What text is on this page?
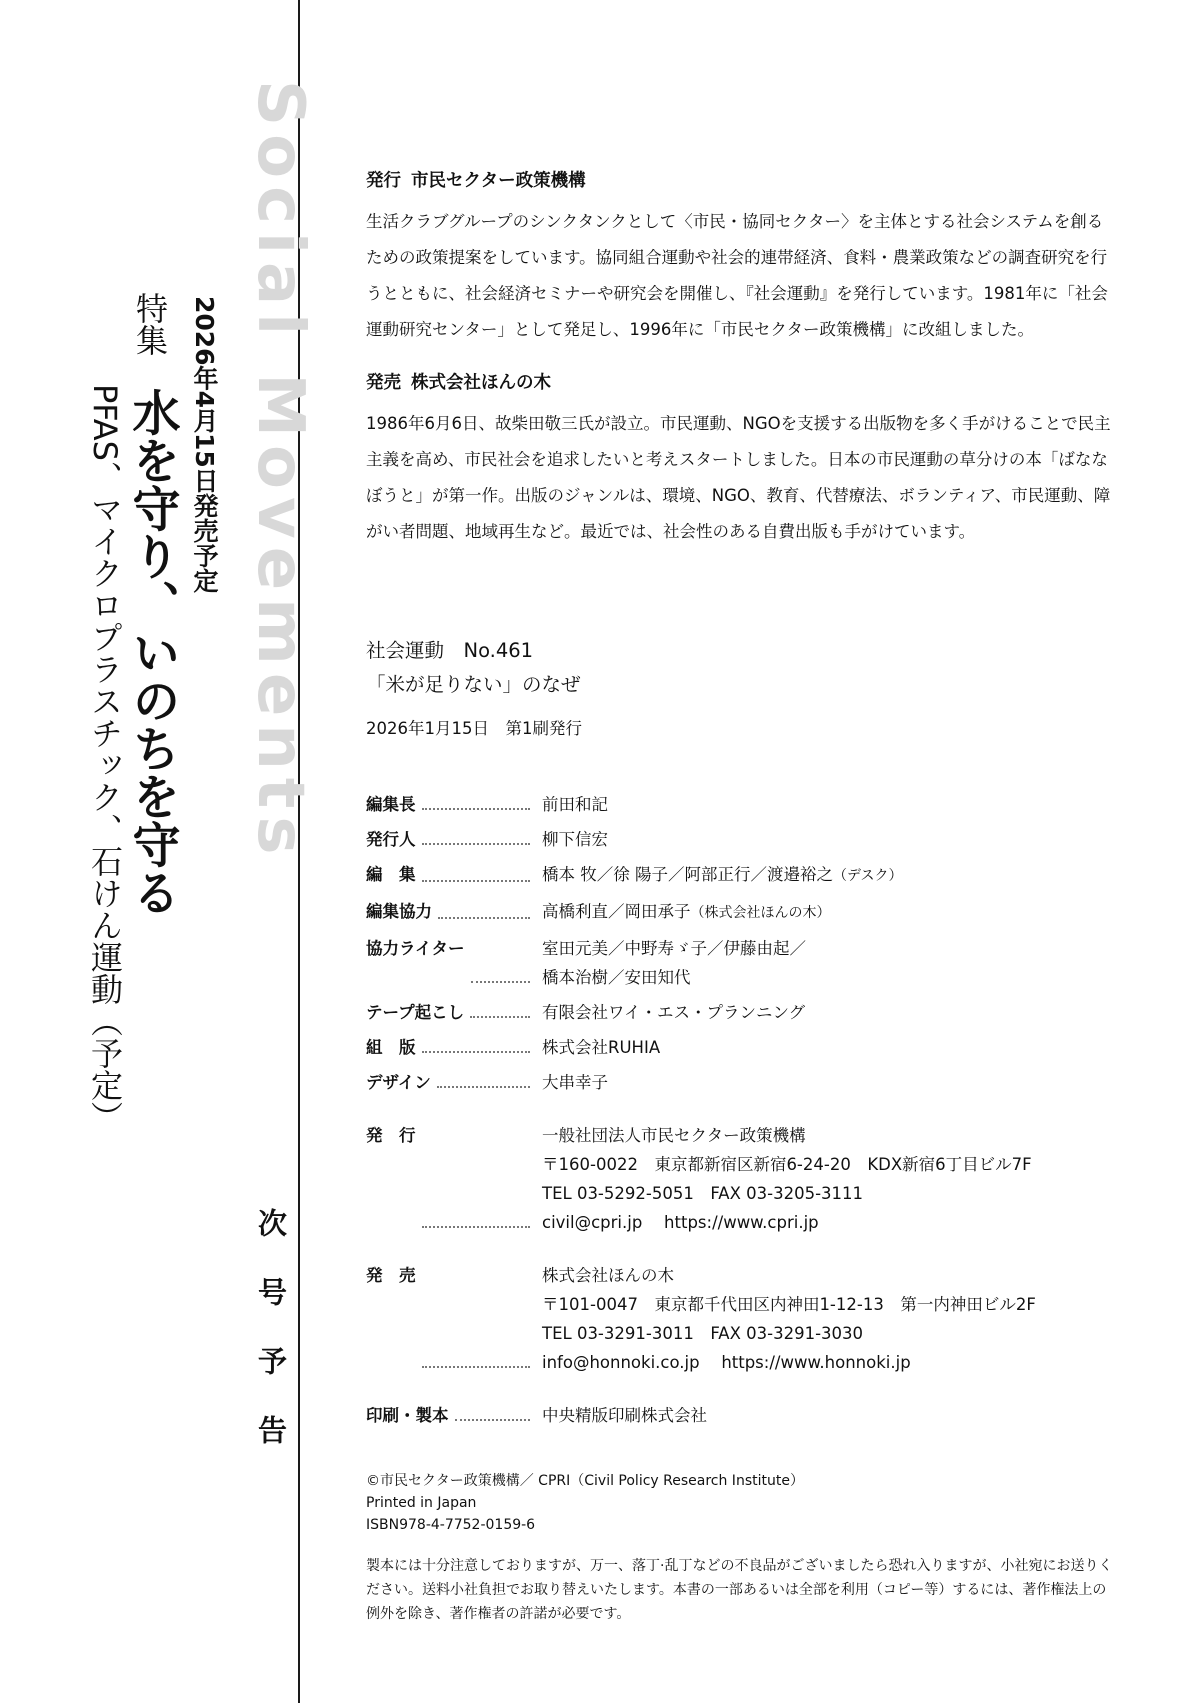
Social Movements
2026年4月15日発売予定
特集
水を守り、いのちを守る
PFAS、マイクロプラスチック、石けん運動（予定）
次号予告
発行 市民セクター政策機構

生活クラブグループのシンクタンクとして〈市民・協同セクター〉を主体とする社会システムを創るための政策提案をしています。協同組合運動や社会的連帯経済、食料・農業政策などの調査研究を行うとともに、社会経済セミナーや研究会を開催し、『社会運動』を発行しています。1981年に「社会運動研究センター」として発足し、1996年に「市民セクター政策機構」に改組しました。

発売 株式会社ほんの木

1986年6月6日、故柴田敬三氏が設立。市民運動、NGOを支援する出版物を多く手がけることで民主主義を高め、市民社会を追求したいと考えスタートしました。日本の市民運動の草分けの本「ばななぼうと」が第一作。出版のジャンルは、環境、NGO、教育、代替療法、ボランティア、市民運動、障がい者問題、地域再生など。最近では、社会性のある自費出版も手がけています。

社会運動　No.461
「米が足りない」のなぜ
2026年1月15日　第1刷発行
編集長	前田和記
発行人	柳下信宏
編　集	橋本 牧／徐 陽子／阿部正行／渡邉裕之（デスク）
編集協力	高橋利直／岡田承子（株式会社ほんの木）
協力ライター	室田元美／中野寿ゞ子／伊藤由起／
橋本治樹／安田知代
テープ起こし	有限会社ワイ・エス・プランニング
組　版	株式会社RUHIA
デザイン	大串幸子
発　行	一般社団法人市民セクター政策機構
〒160-0022　東京都新宿区新宿6-24-20　KDX新宿6丁目ビル7F
TEL 03-5292-5051　FAX 03-3205-3111
civil@cpri.jp　 https://www.cpri.jp
発　売	株式会社ほんの木
〒101-0047　東京都千代田区内神田1-12-13　第一内神田ビル2F
TEL 03-3291-3011　FAX 03-3291-3030
info@honnoki.co.jp　 https://www.honnoki.jp
印刷・製本	中央精版印刷株式会社
©市民セクター政策機構／ CPRI（Civil Policy Research Institute）
Printed in Japan
ISBN978-4-7752-0159-6
製本には十分注意しておりますが、万一、落丁·乱丁などの不良品がございましたら恐れ入りますが、小社宛にお送りください。送料小社負担でお取り替えいたします。本書の一部あるいは全部を利用（コピー等）するには、著作権法上の例外を除き、著作権者の許諾が必要です。
